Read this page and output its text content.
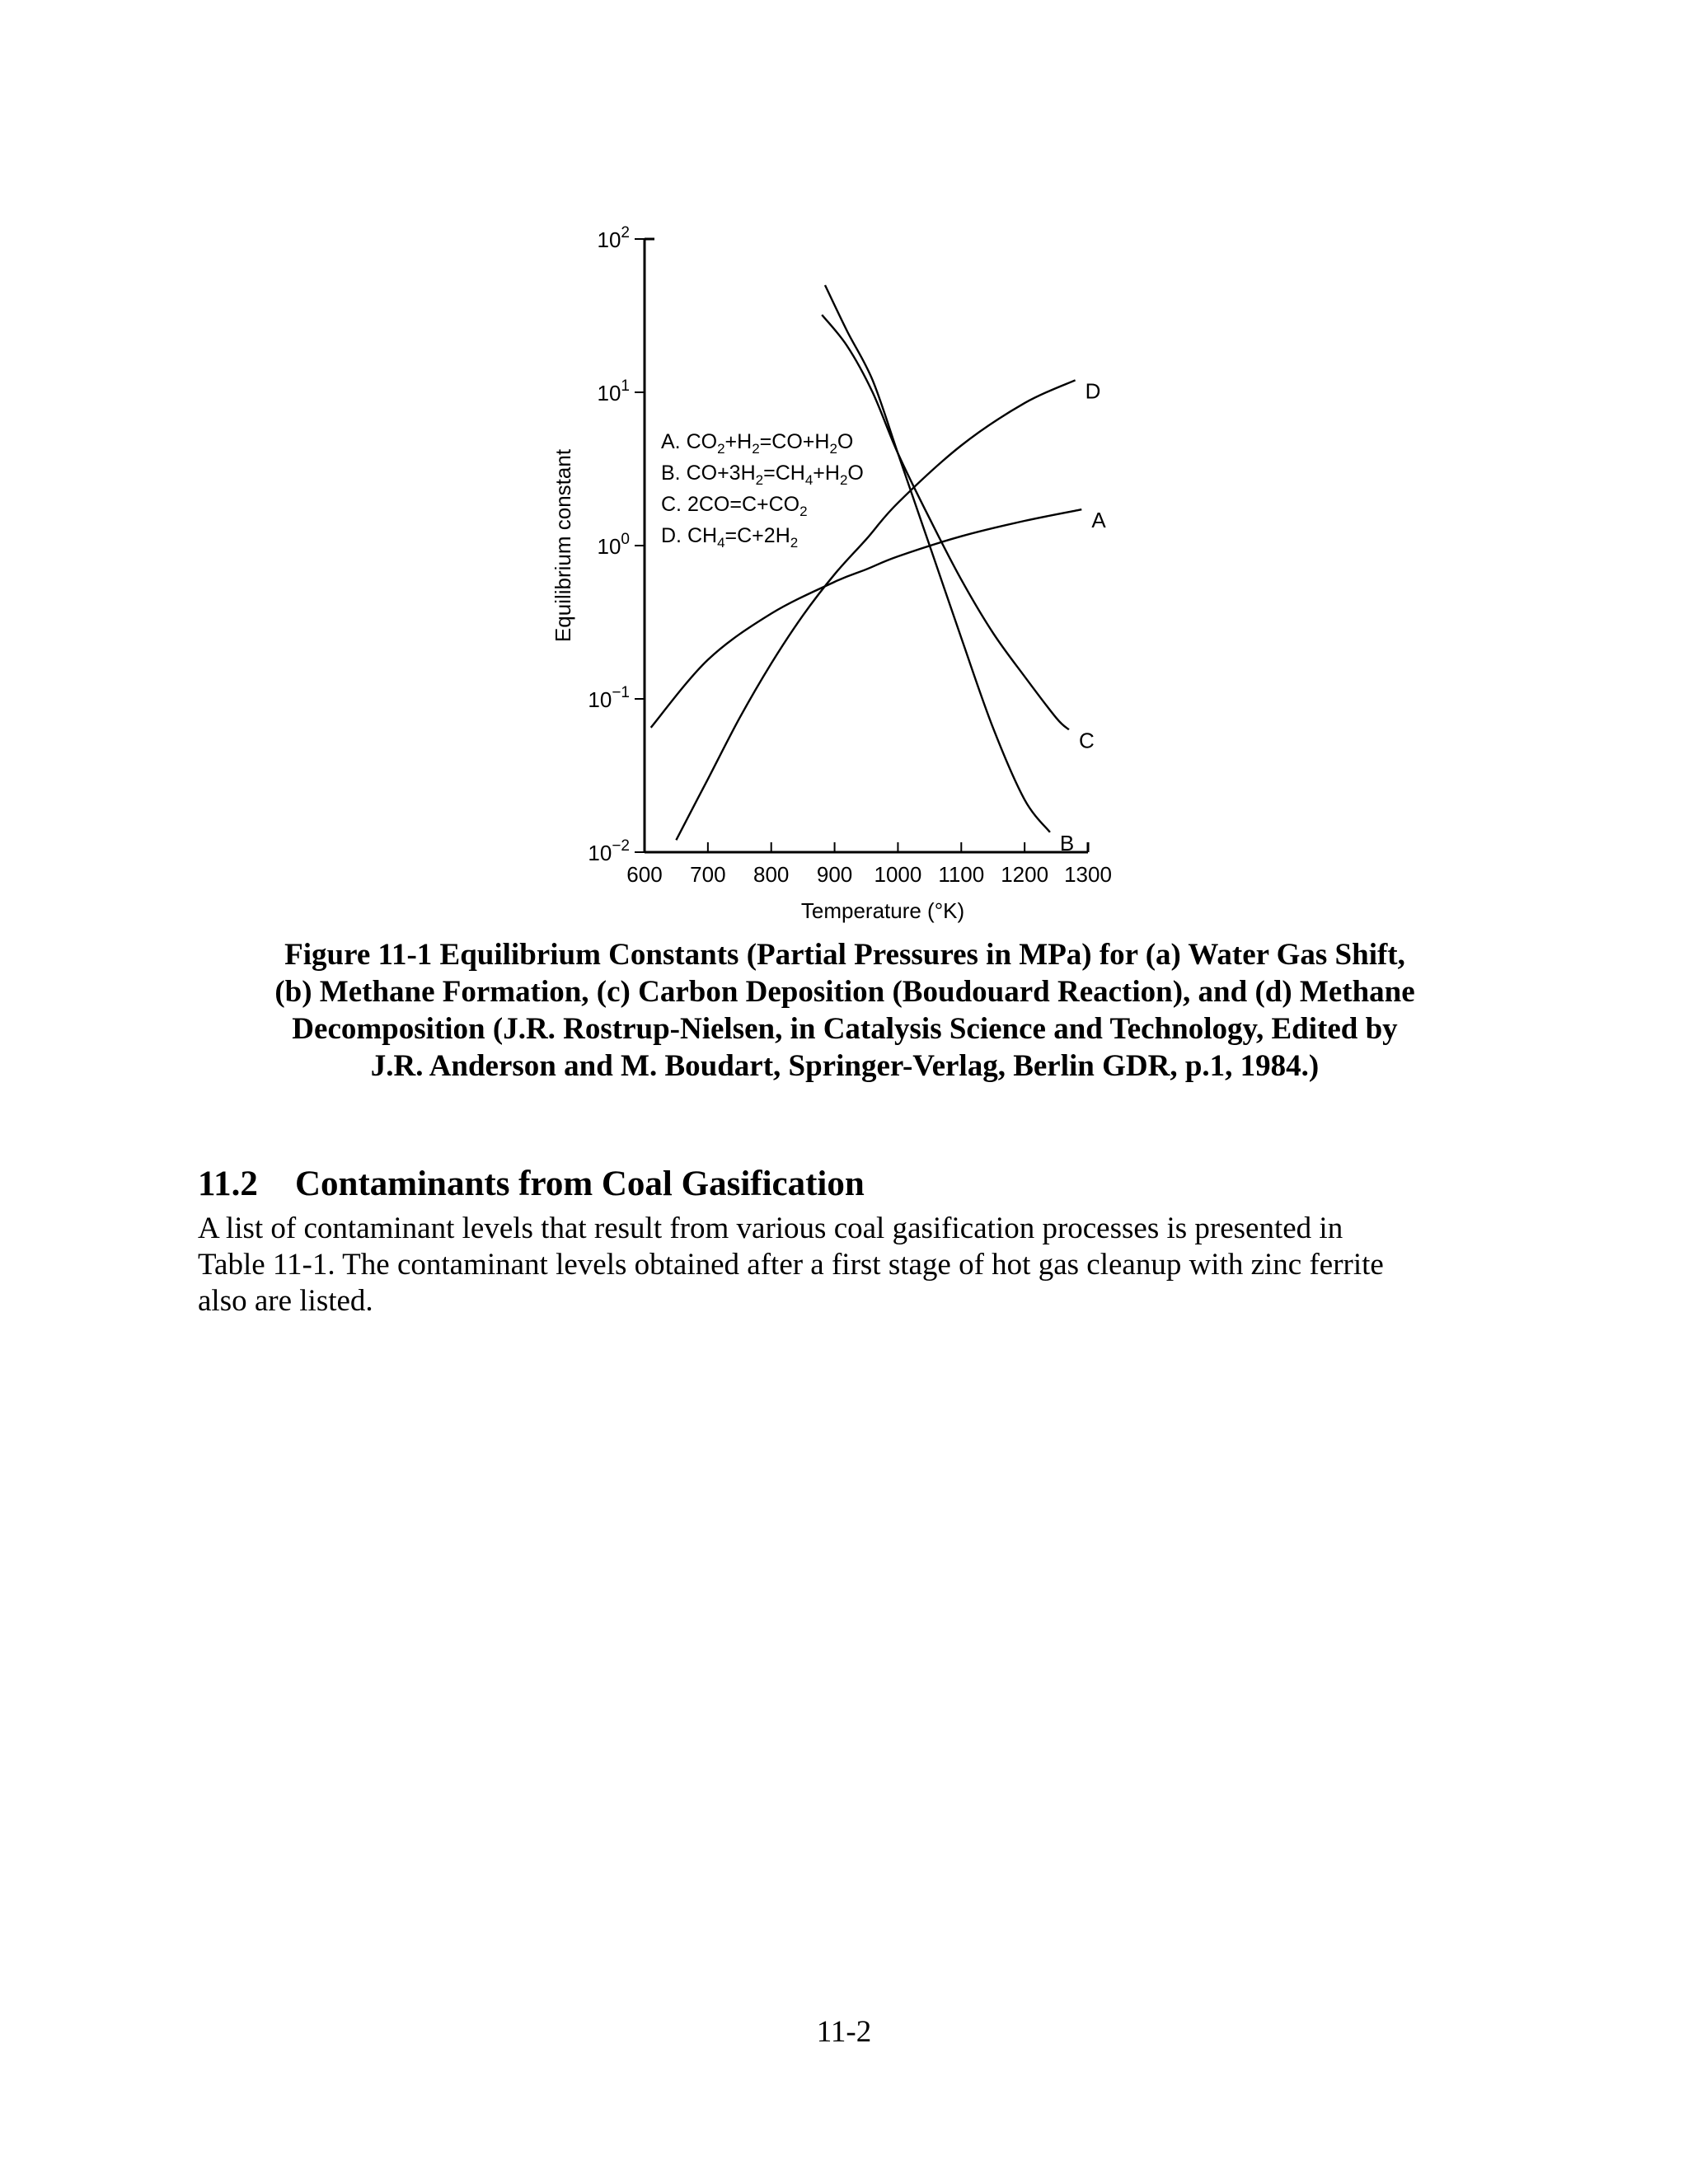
$10^2$
$10^1$
$10^0$
$10^{-1}$
$10^{-2}$
600 700 800 900 1000 1100 1200 1300
Temperature (°K)
Equilibrium constant
A. $CO_2+H_2=CO+H_2O$
B. $CO+3H_2=CH_4+H_2O$
C. $2CO=C+CO_2$
D. $CH_4=C+2H_2$
A
B
C
D
Figure 11-1 Equilibrium Constants (Partial Pressures in MPa) for (a) Water Gas Shift,
(b) Methane Formation, (c) Carbon Deposition (Boudouard Reaction), and (d) Methane
Decomposition (J.R. Rostrup-Nielsen, in Catalysis Science and Technology, Edited by
J.R. Anderson and M. Boudart, Springer-Verlag, Berlin GDR, p.1, 1984.)
11.2 Contaminants from Coal Gasification
A list of contaminant levels that result from various coal gasification processes is presented in
Table 11-1. The contaminant levels obtained after a first stage of hot gas cleanup with zinc ferrite
also are listed.
11-2
